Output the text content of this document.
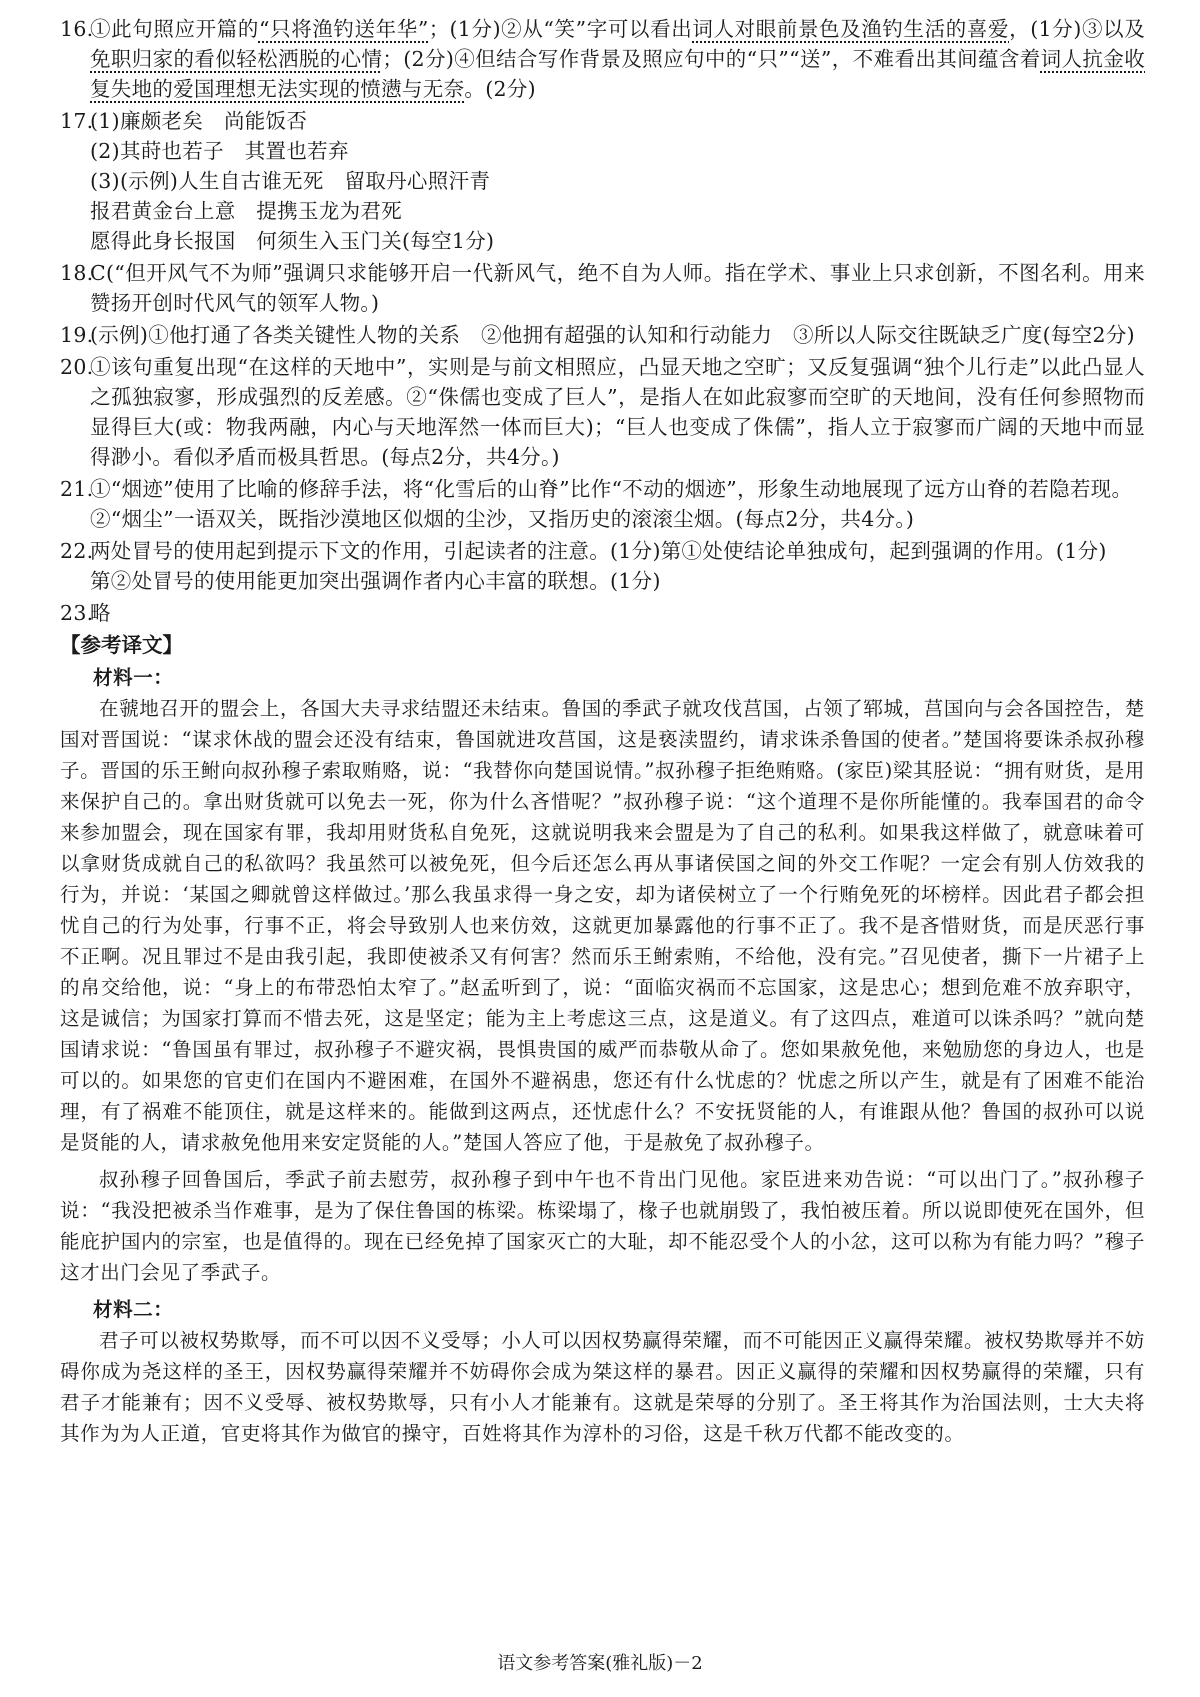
16.

①此句照应开篇的“只将渔钓送年华”；(1分)②从“笑”字可以看出词人对眼前景色及渔钓生活的喜爱，(1分)③以及免职归家的看似轻松洒脱的心情；(2分)④但结合写作背景及照应句中的“只”“送”，不难看出其间蕴含着词人抗金收复失地的爱国理想无法实现的愤懑与无奈。(2分)

17.

(1)廉颇老矣　尚能饭否

(2)其莳也若子　其置也若弃

(3)(示例)人生自古谁无死　留取丹心照汗青

报君黄金台上意　提携玉龙为君死

愿得此身长报国　何须生入玉门关(每空1分)

18.

C(“但开风气不为师”强调只求能够开启一代新风气，绝不自为人师。指在学术、事业上只求创新，不图名利。用来赞扬开创时代风气的领军人物。)

19.

(示例)①他打通了各类关键性人物的关系　②他拥有超强的认知和行动能力　③所以人际交往既缺乏广度(每空2分)

20.

①该句重复出现“在这样的天地中”，实则是与前文相照应，凸显天地之空旷；又反复强调“独个儿行走”以此凸显人之孤独寂寥，形成强烈的反差感。②“侏儒也变成了巨人”，是指人在如此寂寥而空旷的天地间，没有任何参照物而显得巨大(或：物我两融，内心与天地浑然一体而巨大)；“巨人也变成了侏儒”，指人立于寂寥而广阔的天地中而显得渺小。看似矛盾而极具哲思。(每点2分，共4分。)

21.

①“烟迹”使用了比喻的修辞手法，将“化雪后的山脊”比作“不动的烟迹”，形象生动地展现了远方山脊的若隐若现。

②“烟尘”一语双关，既指沙漠地区似烟的尘沙，又指历史的滚滚尘烟。(每点2分，共4分。)

22.

两处冒号的使用起到提示下文的作用，引起读者的注意。(1分)第①处使结论单独成句，起到强调的作用。(1分)

第②处冒号的使用能更加突出强调作者内心丰富的联想。(1分)

23.

略

【参考译文】
材料一：

在虢地召开的盟会上，各国大夫寻求结盟还未结束。鲁国的季武子就攻伐莒国，占领了郓城，莒国向与会各国控告，楚国对晋国说：“谋求休战的盟会还没有结束，鲁国就进攻莒国，这是亵渎盟约，请求诛杀鲁国的使者。”楚国将要诛杀叔孙穆子。晋国的乐王鲋向叔孙穆子索取贿赂，说：“我替你向楚国说情。”叔孙穆子拒绝贿赂。(家臣)梁其胫说：“拥有财货，是用来保护自己的。拿出财货就可以免去一死，你为什么吝惜呢？”叔孙穆子说：“这个道理不是你所能懂的。我奉国君的命令来参加盟会，现在国家有罪，我却用财货私自免死，这就说明我来会盟是为了自己的私利。如果我这样做了，就意味着可以拿财货成就自己的私欲吗？我虽然可以被免死，但今后还怎么再从事诸侯国之间的外交工作呢？一定会有别人仿效我的行为，并说：‘某国之卿就曾这样做过。’那么我虽求得一身之安，却为诸侯树立了一个行贿免死的坏榜样。因此君子都会担忧自己的行为处事，行事不正，将会导致别人也来仿效，这就更加暴露他的行事不正了。我不是吝惜财货，而是厌恶行事不正啊。况且罪过不是由我引起，我即使被杀又有何害？然而乐王鲋索贿，不给他，没有完。”召见使者，撕下一片裙子上的帛交给他，说：“身上的布带恐怕太窄了。”赵孟听到了，说：“面临灾祸而不忘国家，这是忠心；想到危难不放弃职守，这是诚信；为国家打算而不惜去死，这是坚定；能为主上考虑这三点，这是道义。有了这四点，难道可以诛杀吗？”就向楚国请求说：“鲁国虽有罪过，叔孙穆子不避灾祸，畏惧贵国的威严而恭敬从命了。您如果赦免他，来勉励您的身边人，也是可以的。如果您的官吏们在国内不避困难，在国外不避祸患，您还有什么忧虑的？忧虑之所以产生，就是有了困难不能治理，有了祸难不能顶住，就是这样来的。能做到这两点，还忧虑什么？不安抚贤能的人，有谁跟从他？鲁国的叔孙可以说是贤能的人，请求赦免他用来安定贤能的人。”楚国人答应了他，于是赦免了叔孙穆子。

叔孙穆子回鲁国后，季武子前去慰劳，叔孙穆子到中午也不肯出门见他。家臣进来劝告说：“可以出门了。”叔孙穆子说：“我没把被杀当作难事，是为了保住鲁国的栋梁。栋梁塌了，椽子也就崩毁了，我怕被压着。所以说即使死在国外，但能庇护国内的宗室，也是值得的。现在已经免掉了国家灭亡的大耻，却不能忍受个人的小忿，这可以称为有能力吗？”穆子这才出门会见了季武子。

材料二：

君子可以被权势欺辱，而不可以因不义受辱；小人可以因权势赢得荣耀，而不可能因正义赢得荣耀。被权势欺辱并不妨碍你成为尧这样的圣王，因权势赢得荣耀并不妨碍你会成为桀这样的暴君。因正义赢得的荣耀和因权势赢得的荣耀，只有君子才能兼有；因不义受辱、被权势欺辱，只有小人才能兼有。这就是荣辱的分别了。圣王将其作为治国法则，士大夫将其作为为人正道，官吏将其作为做官的操守，百姓将其作为淳朴的习俗，这是千秋万代都不能改变的。

语文参考答案(雅礼版)－2
